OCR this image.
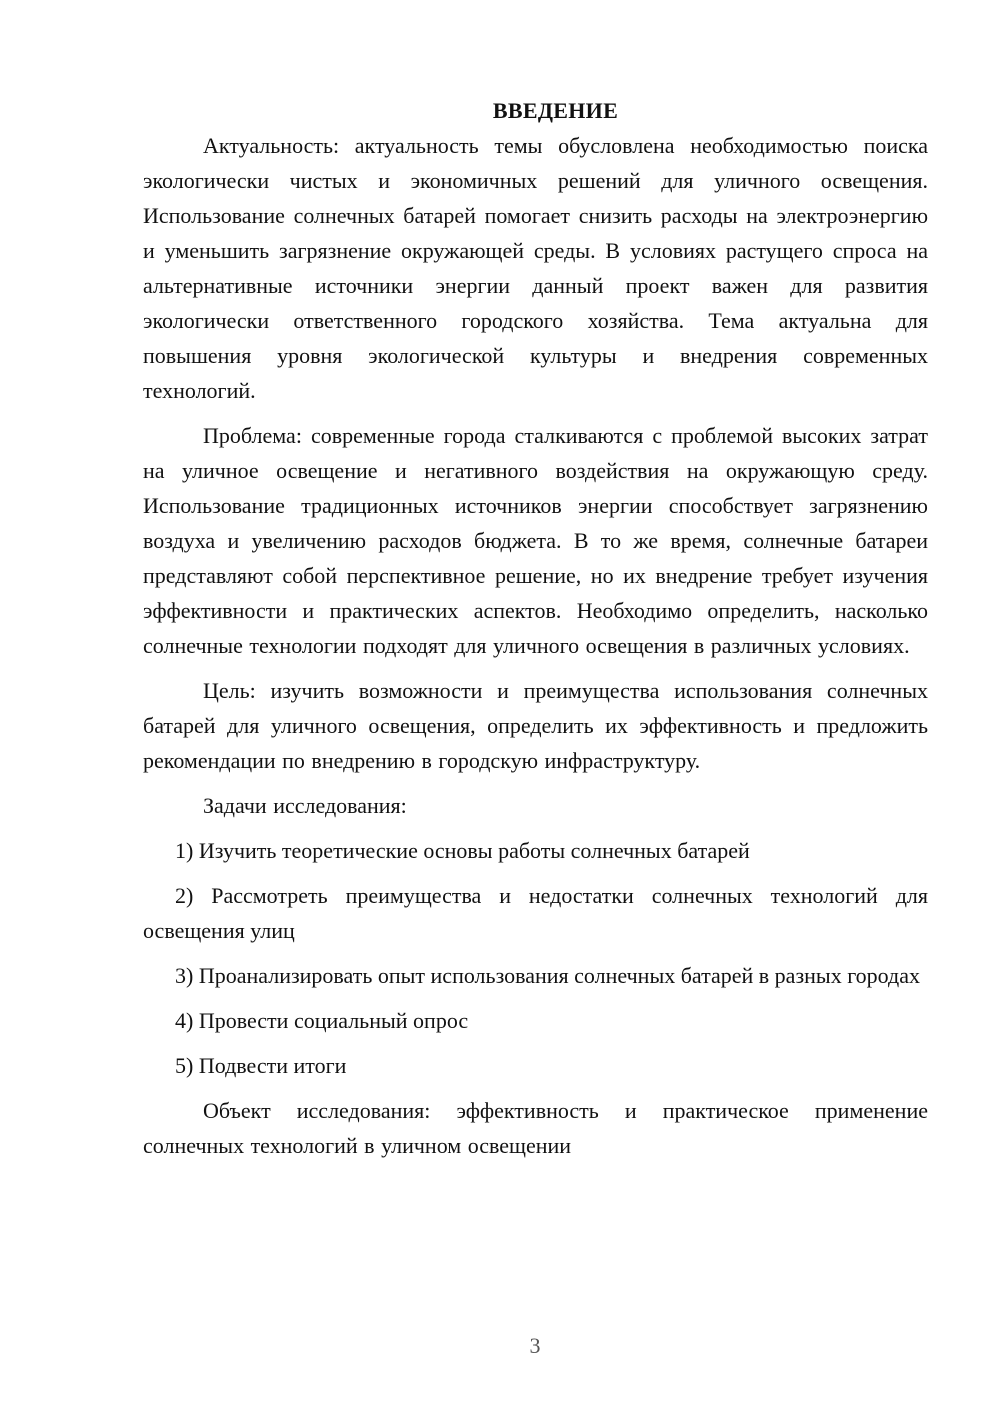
ВВЕДЕНИЕ

Актуальность: актуальность темы обусловлена необходимостью поиска экологически чистых и экономичных решений для уличного освещения. Использование солнечных батарей помогает снизить расходы на электроэнергию и уменьшить загрязнение окружающей среды. В условиях растущего спроса на альтернативные источники энергии данный проект важен для развития экологически ответственного городского хозяйства. Тема актуальна для повышения уровня экологической культуры и внедрения современных технологий.

Проблема: современные города сталкиваются с проблемой высоких затрат на уличное освещение и негативного воздействия на окружающую среду. Использование традиционных источников энергии способствует загрязнению воздуха и увеличению расходов бюджета. В то же время, солнечные батареи представляют собой перспективное решение, но их внедрение требует изучения эффективности и практических аспектов. Необходимо определить, насколько солнечные технологии подходят для уличного освещения в различных условиях.

Цель: изучить возможности и преимущества использования солнечных батарей для уличного освещения, определить их эффективность и предложить рекомендации по внедрению в городскую инфраструктуру.

Задачи исследования:

1) Изучить теоретические основы работы солнечных батарей

2) Рассмотреть преимущества и недостатки солнечных технологий для освещения улиц

3) Проанализировать опыт использования солнечных батарей в разных городах

4) Провести социальный опрос

5) Подвести итоги

Объект исследования: эффективность и практическое применение солнечных технологий в уличном освещении

3
